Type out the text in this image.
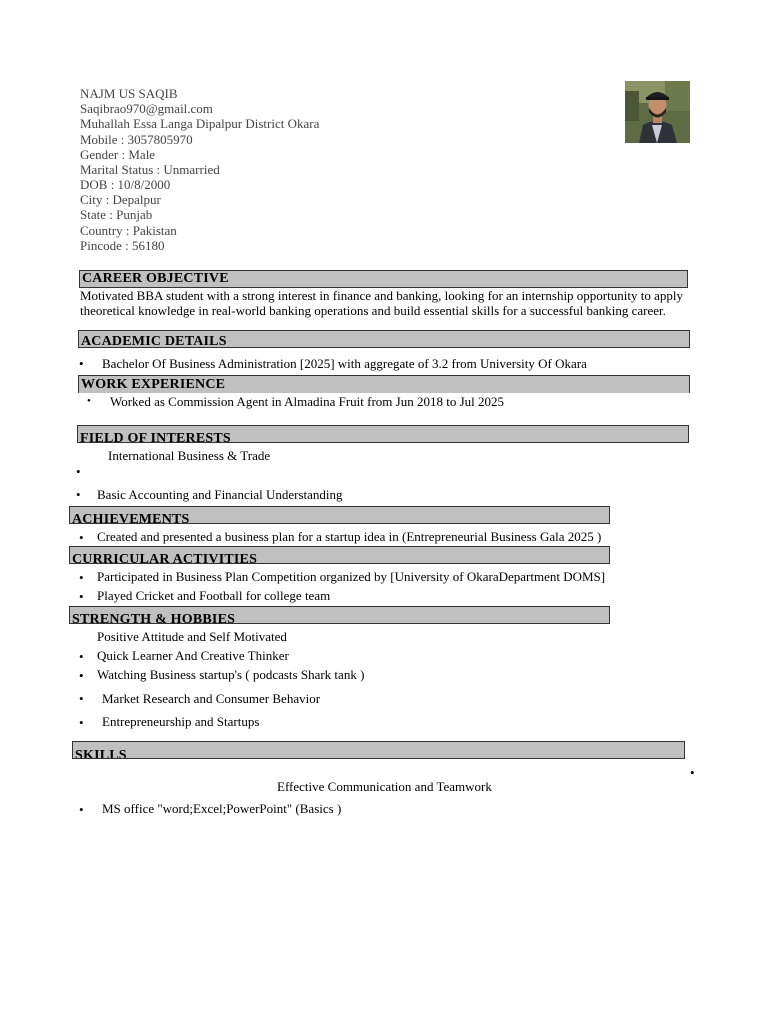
NAJM US SAQIB
Saqibrao970@gmail.com
Muhallah Essa Langa Dipalpur District Okara
Mobile : 3057805970
Gender : Male
Marital Status : Unmarried
DOB : 10/8/2000
City : Depalpur
State : Punjab
Country : Pakistan
Pincode : 56180
CAREER OBJECTIVE
Motivated BBA student with a strong interest in finance and banking, looking for an internship opportunity to apply
theoretical knowledge in real-world banking operations and build essential skills for a successful banking career.
ACADEMIC DETAILS
• Bachelor Of Business Administration [2025] with aggregate of 3.2 from University Of Okara
WORK EXPERIENCE
• Worked as Commission Agent in Almadina Fruit from Jun 2018 to Jul 2025
FIELD OF INTERESTS
International Business & Trade
•
• Basic Accounting and Financial Understanding
ACHIEVEMENTS
• Created and presented a business plan for a startup idea in (Entrepreneurial Business Gala 2025 )
CURRICULAR ACTIVITIES
• Participated in Business Plan Competition organized by [University of OkaraDepartment DOMS]
• Played Cricket and Football for college team
STRENGTH & HOBBIES
Positive Attitude and Self Motivated
• Quick Learner And Creative Thinker
• Watching Business startup's ( podcasts Shark tank )
• Market Research and Consumer Behavior
• Entrepreneurship and Startups
SKILLS
•
Effective Communication and Teamwork
• MS office "word;Excel;PowerPoint" (Basics )
